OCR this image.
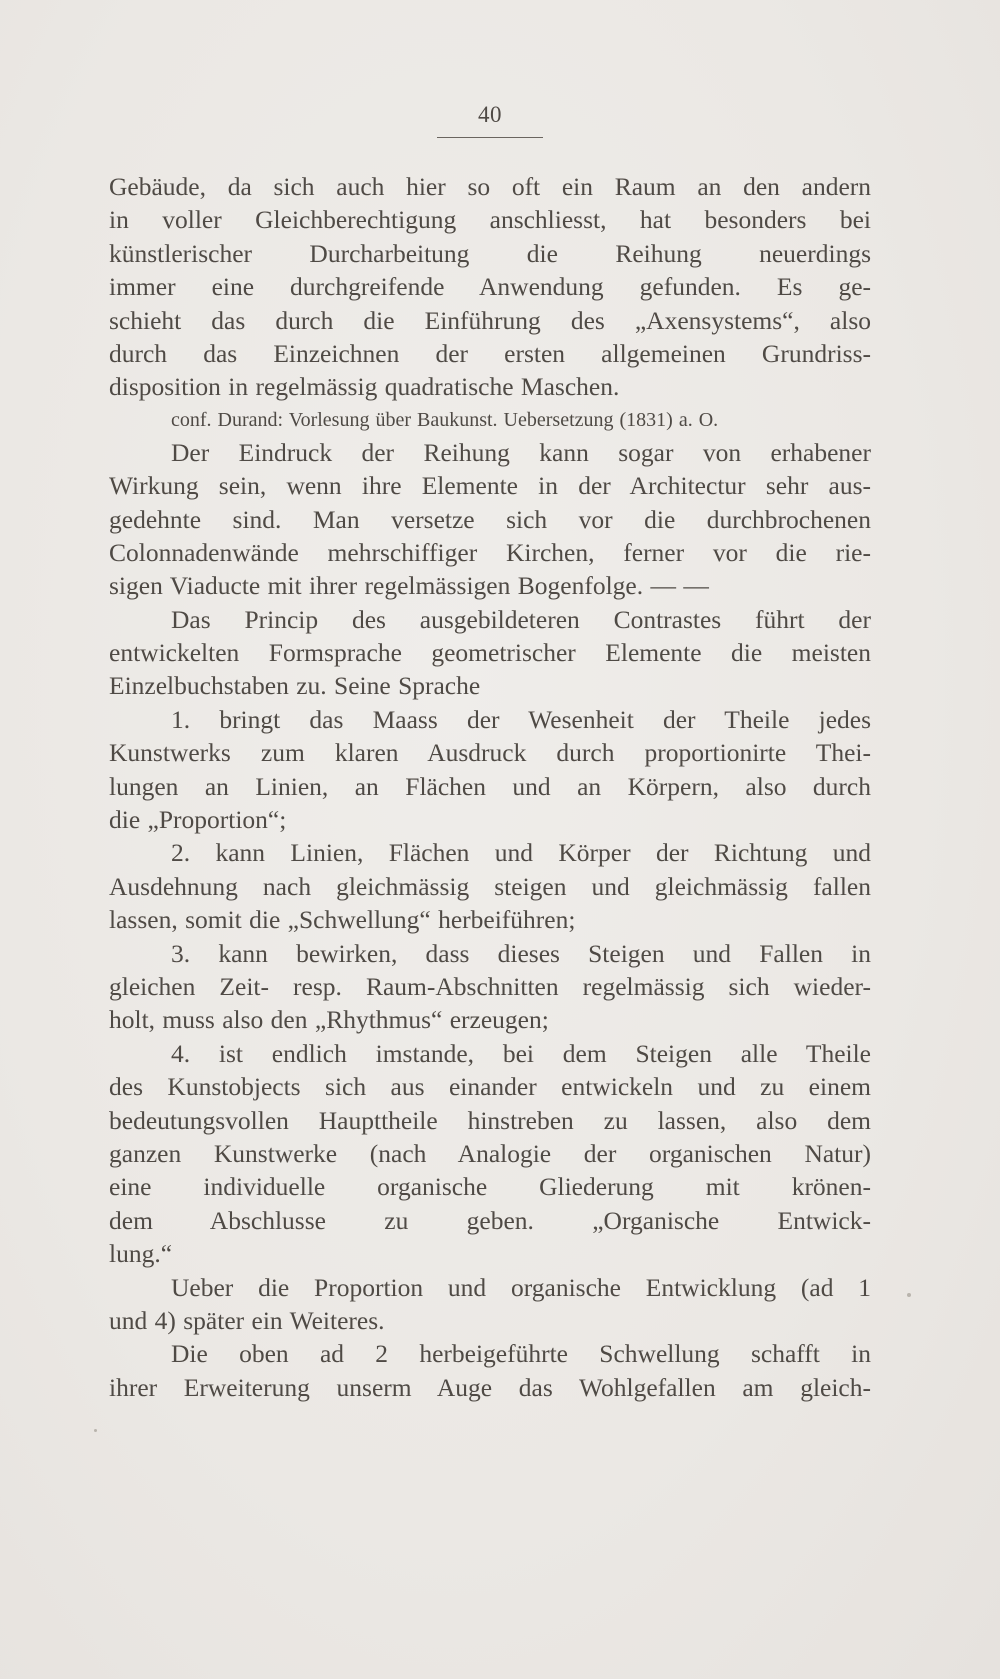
40
Gebäude, da sich auch hier so oft ein Raum an den andern
in voller Gleichberechtigung anschliesst, hat besonders bei
künstlerischer Durcharbeitung die Reihung neuerdings
immer eine durchgreifende Anwendung gefunden. Es ge-
schieht das durch die Einführung des „Axensystems“, also
durch das Einzeichnen der ersten allgemeinen Grundriss-
disposition in regelmässig quadratische Maschen.
conf. Durand: Vorlesung über Baukunst. Uebersetzung (1831) a. O.
Der Eindruck der Reihung kann sogar von erhabener
Wirkung sein, wenn ihre Elemente in der Architectur sehr aus-
gedehnte sind. Man versetze sich vor die durchbrochenen
Colonnadenwände mehrschiffiger Kirchen, ferner vor die rie-
sigen Viaducte mit ihrer regelmässigen Bogenfolge. — —
Das Princip des ausgebildeteren Contrastes führt der
entwickelten Formsprache geometrischer Elemente die meisten
Einzelbuchstaben zu. Seine Sprache
1. bringt das Maass der Wesenheit der Theile jedes
Kunstwerks zum klaren Ausdruck durch proportionirte Thei-
lungen an Linien, an Flächen und an Körpern, also durch
die „Proportion“;
2. kann Linien, Flächen und Körper der Richtung und
Ausdehnung nach gleichmässig steigen und gleichmässig fallen
lassen, somit die „Schwellung“ herbeiführen;
3. kann bewirken, dass dieses Steigen und Fallen in
gleichen Zeit- resp. Raum-Abschnitten regelmässig sich wieder-
holt, muss also den „Rhythmus“ erzeugen;
4. ist endlich imstande, bei dem Steigen alle Theile
des Kunstobjects sich aus einander entwickeln und zu einem
bedeutungsvollen Haupttheile hinstreben zu lassen, also dem
ganzen Kunstwerke (nach Analogie der organischen Natur)
eine individuelle organische Gliederung mit krönen-
dem Abschlusse zu geben. „Organische Entwick-
lung.“
Ueber die Proportion und organische Entwicklung (ad 1
und 4) später ein Weiteres.
Die oben ad 2 herbeigeführte Schwellung schafft in
ihrer Erweiterung unserm Auge das Wohlgefallen am gleich-
